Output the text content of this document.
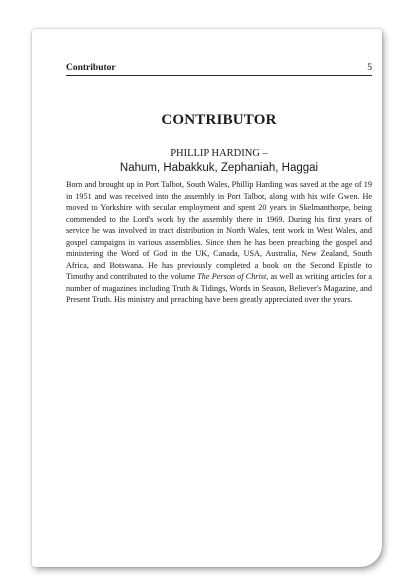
Contributor	5
CONTRIBUTOR
PHILLIP HARDING –
Nahum, Habakkuk, Zephaniah, Haggai

Born and brought up in Port Talbot, South Wales, Phillip Harding was saved at the age of 19 in 1951 and was received into the assembly in Port Talbot, along with his wife Gwen. He moved to Yorkshire with secular employment and spent 20 years in Skelmanthorpe, being commended to the Lord's work by the assembly there in 1969. During his first years of service he was involved in tract distribution in North Wales, tent work in West Wales, and gospel campaigns in various assemblies. Since then he has been preaching the gospel and ministering the Word of God in the UK, Canada, USA, Australia, New Zealand, South Africa, and Botswana. He has previously completed a book on the Second Epistle to Timothy and contributed to the volume The Person of Christ, as well as writing articles for a number of magazines including Truth & Tidings, Words in Season, Believer's Magazine, and Present Truth. His ministry and preaching have been greatly appreciated over the years.
